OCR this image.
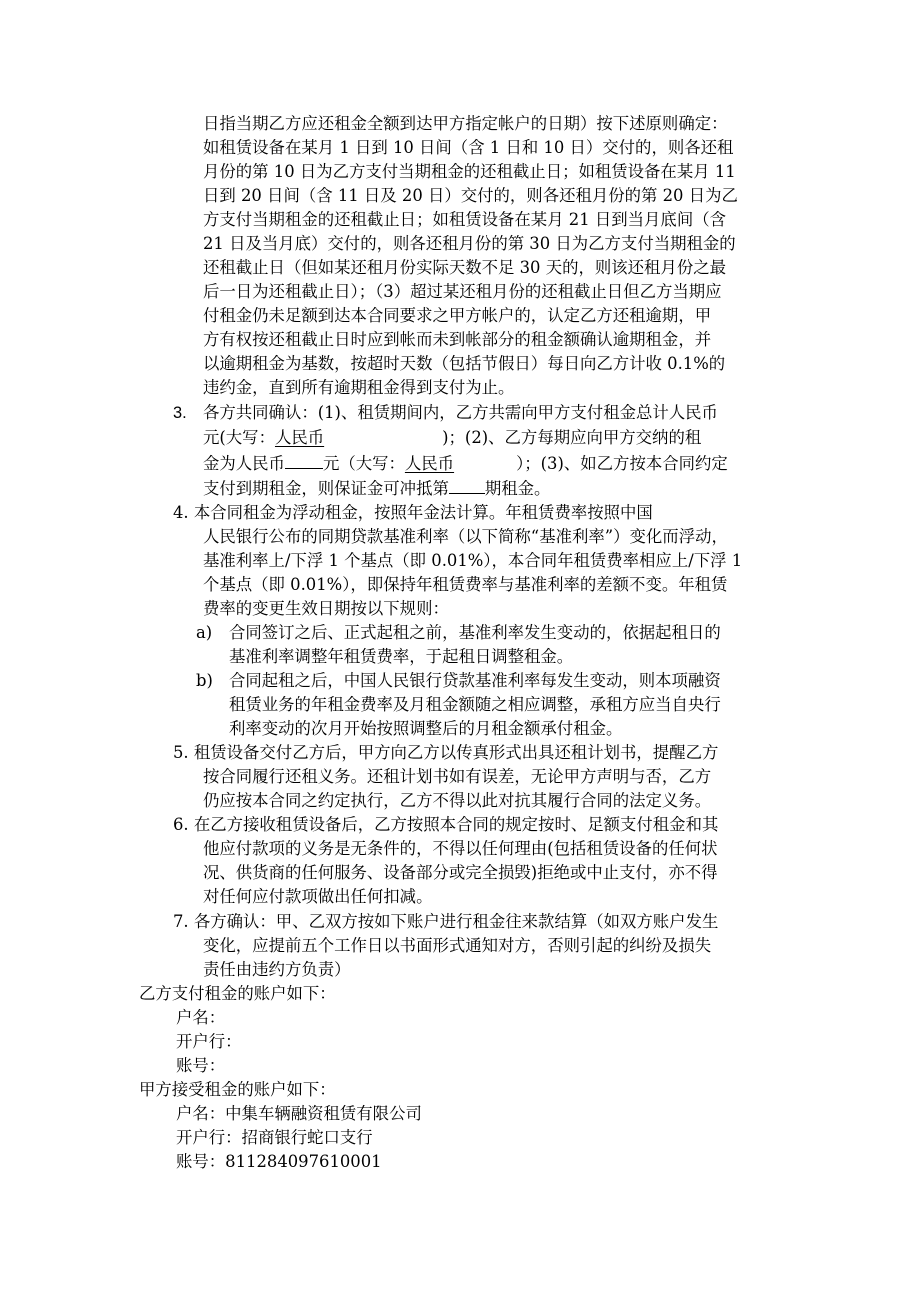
日指当期乙方应还租金全额到达甲方指定帐户的日期）按下述原则确定：
如租赁设备在某月 1 日到 10 日间（含 1 日和 10 日）交付的，则各还租
月份的第 10 日为乙方支付当期租金的还租截止日；如租赁设备在某月 11
日到 20 日间（含 11 日及 20 日）交付的，则各还租月份的第 20 日为乙
方支付当期租金的还租截止日；如租赁设备在某月 21 日到当月底间（含
21 日及当月底）交付的，则各还租月份的第 30 日为乙方支付当期租金的
还租截止日（但如某还租月份实际天数不足 30 天的，则该还租月份之最
后一日为还租截止日）；（3）超过某还租月份的还租截止日但乙方当期应
付租金仍未足额到达本合同要求之甲方帐户的，认定乙方还租逾期，甲
方有权按还租截止日时应到帐而未到帐部分的租金额确认逾期租金，并
以逾期租金为基数，按超时天数（包括节假日）每日向乙方计收 0.1%的
违约金，直到所有逾期租金得到支付为止。
3. 各方共同确认：(1)、租赁期间内，乙方共需向甲方支付租金总计人民币
元(大写：人民币	)；(2)、乙方每期应向甲方交纳的租
金为人民币 元（大写：人民币	）；(3)、如乙方按本合同约定
支付到期租金，则保证金可冲抵第 期租金。
4. 本合同租金为浮动租金，按照年金法计算。年租赁费率按照中国
人民银行公布的同期贷款基准利率（以下简称“基准利率”）变化而浮动，
基准利率上/下浮 1 个基点（即 0.01%），本合同年租赁费率相应上/下浮 1
个基点（即 0.01%），即保持年租赁费率与基准利率的差额不变。年租赁
费率的变更生效日期按以下规则：
a) 合同签订之后、正式起租之前，基准利率发生变动的，依据起租日的
基准利率调整年租赁费率，于起租日调整租金。
b) 合同起租之后，中国人民银行贷款基准利率每发生变动，则本项融资
租赁业务的年租金费率及月租金额随之相应调整，承租方应当自央行
利率变动的次月开始按照调整后的月租金额承付租金。
5. 租赁设备交付乙方后，甲方向乙方以传真形式出具还租计划书，提醒乙方
按合同履行还租义务。还租计划书如有误差，无论甲方声明与否，乙方
仍应按本合同之约定执行，乙方不得以此对抗其履行合同的法定义务。
6. 在乙方接收租赁设备后，乙方按照本合同的规定按时、足额支付租金和其
他应付款项的义务是无条件的，不得以任何理由(包括租赁设备的任何状
况、供货商的任何服务、设备部分或完全损毁)拒绝或中止支付，亦不得
对任何应付款项做出任何扣减。
7. 各方确认：甲、乙双方按如下账户进行租金往来款结算（如双方账户发生
变化，应提前五个工作日以书面形式通知对方，否则引起的纠纷及损失
责任由违约方负责）
乙方支付租金的账户如下：
户名：
开户行：
账号：
甲方接受租金的账户如下：
户名：中集车辆融资租赁有限公司
开户行：招商银行蛇口支行
账号：811284097610001
